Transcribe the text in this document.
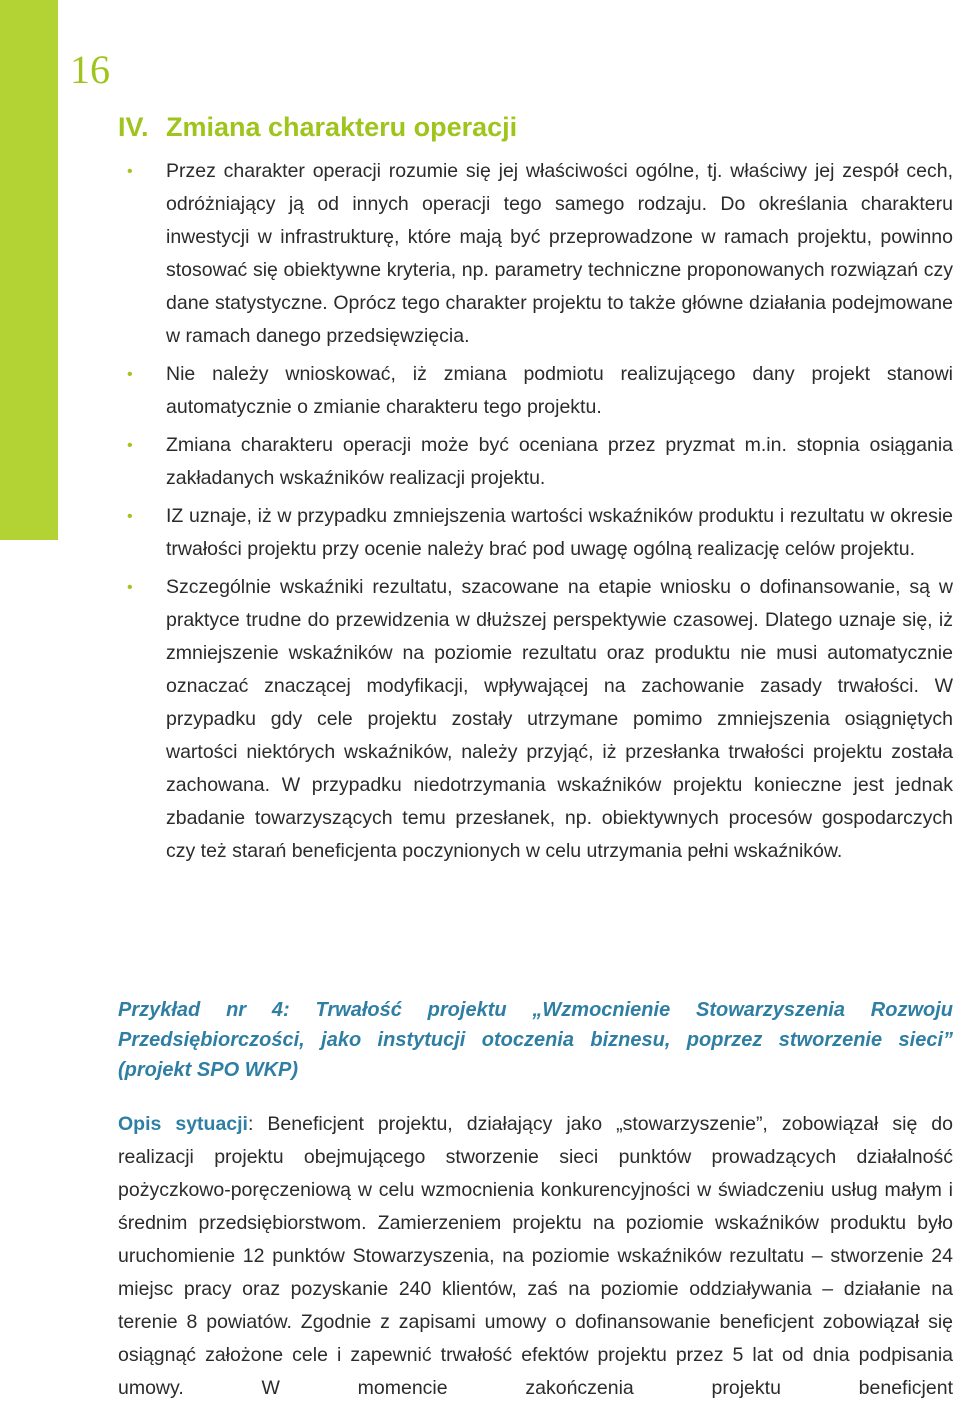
16
IV. Zmiana charakteru operacji
• Przez charakter operacji rozumie się jej właściwości ogólne, tj. właściwy jej zespół cech, odróżniający ją od innych operacji tego samego rodzaju. Do określania charakteru inwestycji w infrastrukturę, które mają być przeprowadzone w ramach projektu, powinno stosować się obiektywne kryteria, np. parametry techniczne proponowanych rozwiązań czy dane statystyczne. Oprócz tego charakter projektu to także główne działania podejmowane w ramach danego przedsięwzięcia.
• Nie należy wnioskować, iż zmiana podmiotu realizującego dany projekt stanowi automatycznie o zmianie charakteru tego projektu.
• Zmiana charakteru operacji może być oceniana przez pryzmat m.in. stopnia osiągania zakładanych wskaźników realizacji projektu.
• IZ uznaje, iż w przypadku zmniejszenia wartości wskaźników produktu i rezultatu w okresie trwałości projektu przy ocenie należy brać pod uwagę ogólną realizację celów projektu.
• Szczególnie wskaźniki rezultatu, szacowane na etapie wniosku o dofinansowanie, są w praktyce trudne do przewidzenia w dłuższej perspektywie czasowej. Dlatego uznaje się, iż zmniejszenie wskaźników na poziomie rezultatu oraz produktu nie musi automatycznie oznaczać znaczącej modyfikacji, wpływającej na zachowanie zasady trwałości. W przypadku gdy cele projektu zostały utrzymane pomimo zmniejszenia osiągniętych wartości niektórych wskaźników, należy przyjąć, iż przesłanka trwałości projektu została zachowana. W przypadku niedotrzymania wskaźników projektu konieczne jest jednak zbadanie towarzyszących temu przesłanek, np. obiektywnych procesów gospodarczych czy też starań beneficjenta poczynionych w celu utrzymania pełni wskaźników.
Przykład nr 4: Trwałość projektu „Wzmocnienie Stowarzyszenia Rozwoju Przedsiębiorczości, jako instytucji otoczenia biznesu, poprzez stworzenie sieci” (projekt SPO WKP)
Opis sytuacji: Beneficjent projektu, działający jako „stowarzyszenie”, zobowiązał się do realizacji projektu obejmującego stworzenie sieci punktów prowadzących działalność pożyczkowo-poręczeniową w celu wzmocnienia konkurencyjności w świadczeniu usług małym i średnim przedsiębiorstwom. Zamierzeniem projektu na poziomie wskaźników produktu było uruchomienie 12 punktów Stowarzyszenia, na poziomie wskaźników rezultatu – stworzenie 24 miejsc pracy oraz pozyskanie 240 klientów, zaś na poziomie oddziaływania – działanie na terenie 8 powiatów. Zgodnie z zapisami umowy o dofinansowanie beneficjent zobowiązał się osiągnąć założone cele i zapewnić trwałość efektów projektu przez 5 lat od dnia podpisania umowy. W momencie zakończenia projektu beneficjent
